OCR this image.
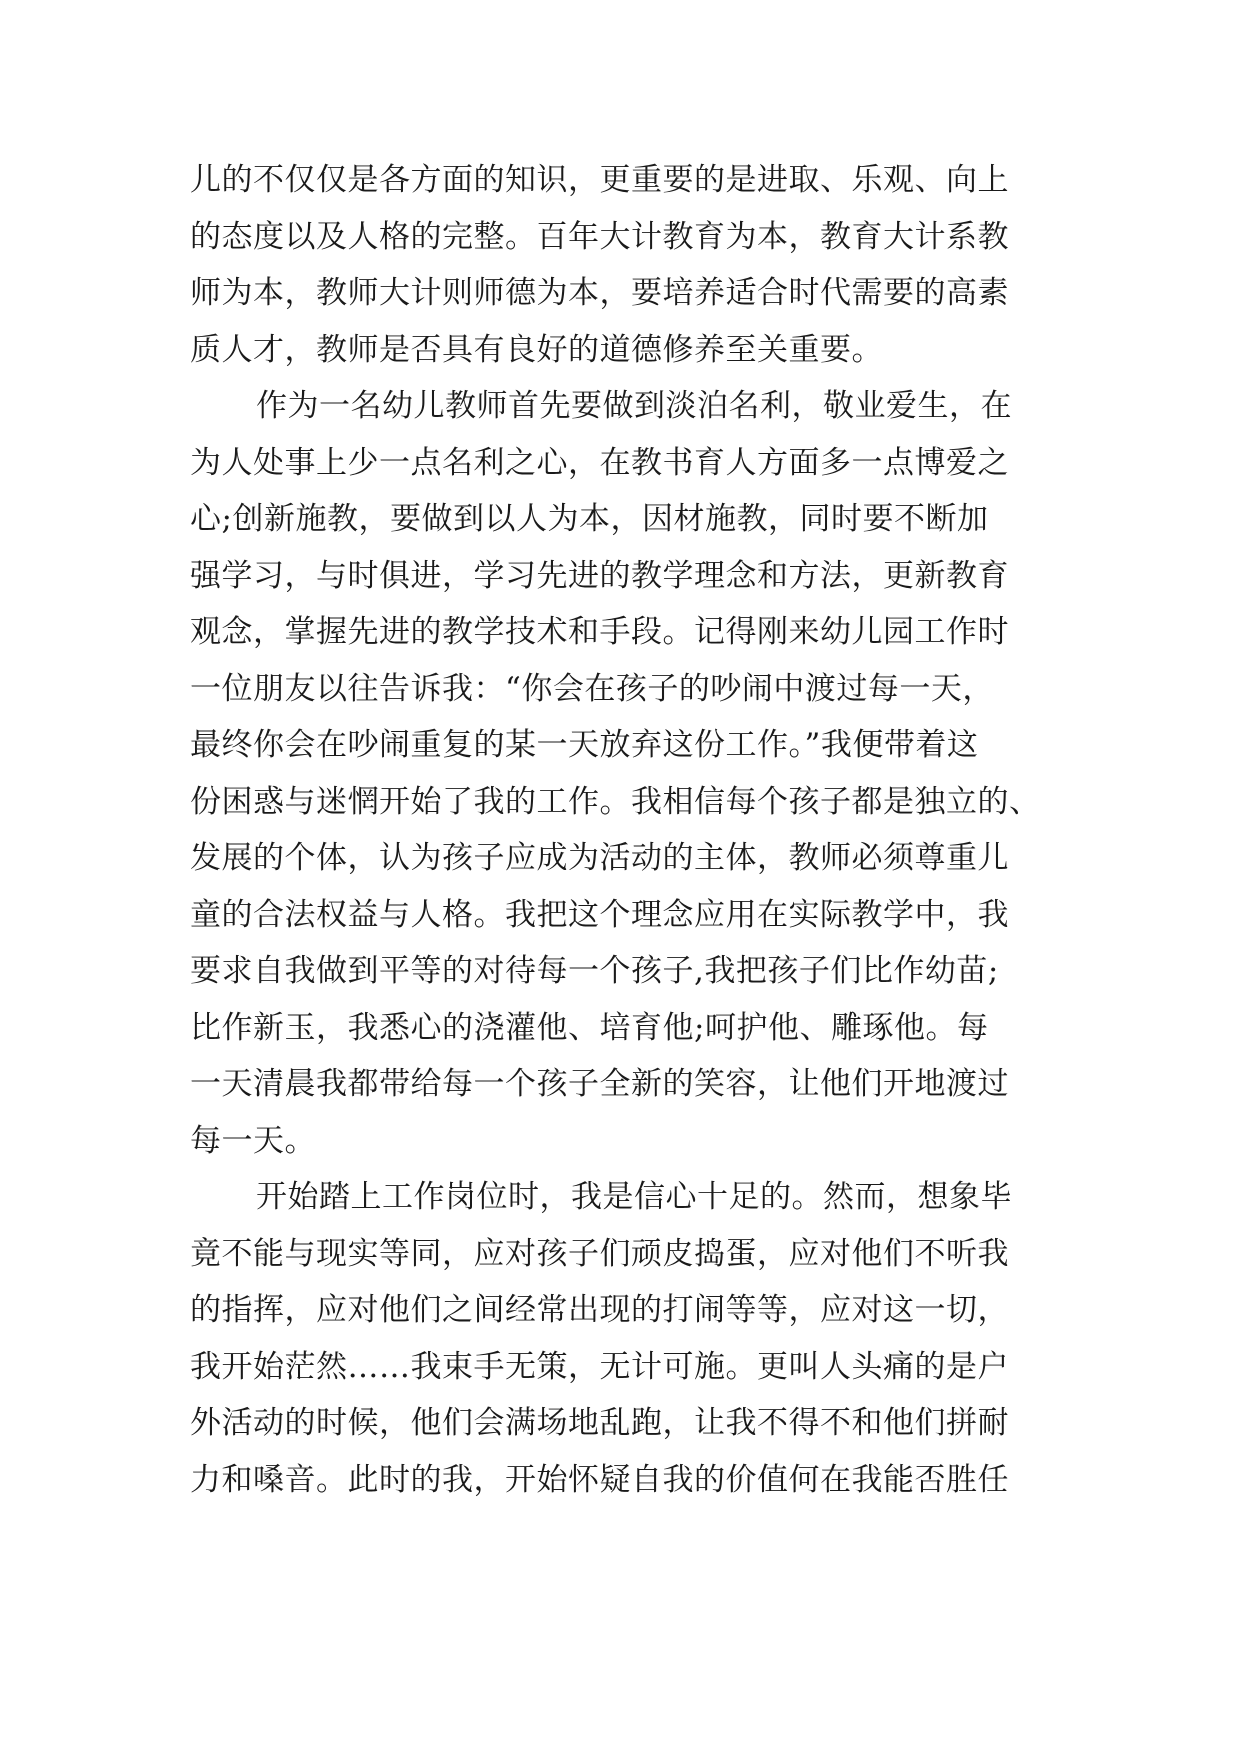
儿的不仅仅是各方面的知识，更重要的是进取、乐观、向上
的态度以及人格的完整。百年大计教育为本，教育大计系教
师为本，教师大计则师德为本，要培养适合时代需要的高素
质人才，教师是否具有良好的道德修养至关重要。
作为一名幼儿教师首先要做到淡泊名利，敬业爱生，在
为人处事上少一点名利之心，在教书育人方面多一点博爱之
心;创新施教，要做到以人为本，因材施教，同时要不断加
强学习，与时俱进，学习先进的教学理念和方法，更新教育
观念，掌握先进的教学技术和手段。记得刚来幼儿园工作时
一位朋友以往告诉我：“你会在孩子的吵闹中渡过每一天，
最终你会在吵闹重复的某一天放弃这份工作。”我便带着这
份困惑与迷惘开始了我的工作。我相信每个孩子都是独立的、
发展的个体，认为孩子应成为活动的主体，教师必须尊重儿
童的合法权益与人格。我把这个理念应用在实际教学中，我
要求自我做到平等的对待每一个孩子,我把孩子们比作幼苗;
比作新玉，我悉心的浇灌他、培育他;呵护他、雕琢他。每
一天清晨我都带给每一个孩子全新的笑容，让他们开地渡过
每一天。
开始踏上工作岗位时，我是信心十足的。然而，想象毕
竟不能与现实等同，应对孩子们顽皮捣蛋，应对他们不听我
的指挥，应对他们之间经常出现的打闹等等，应对这一切，
我开始茫然……我束手无策，无计可施。更叫人头痛的是户
外活动的时候，他们会满场地乱跑，让我不得不和他们拼耐
力和嗓音。此时的我，开始怀疑自我的价值何在我能否胜任
